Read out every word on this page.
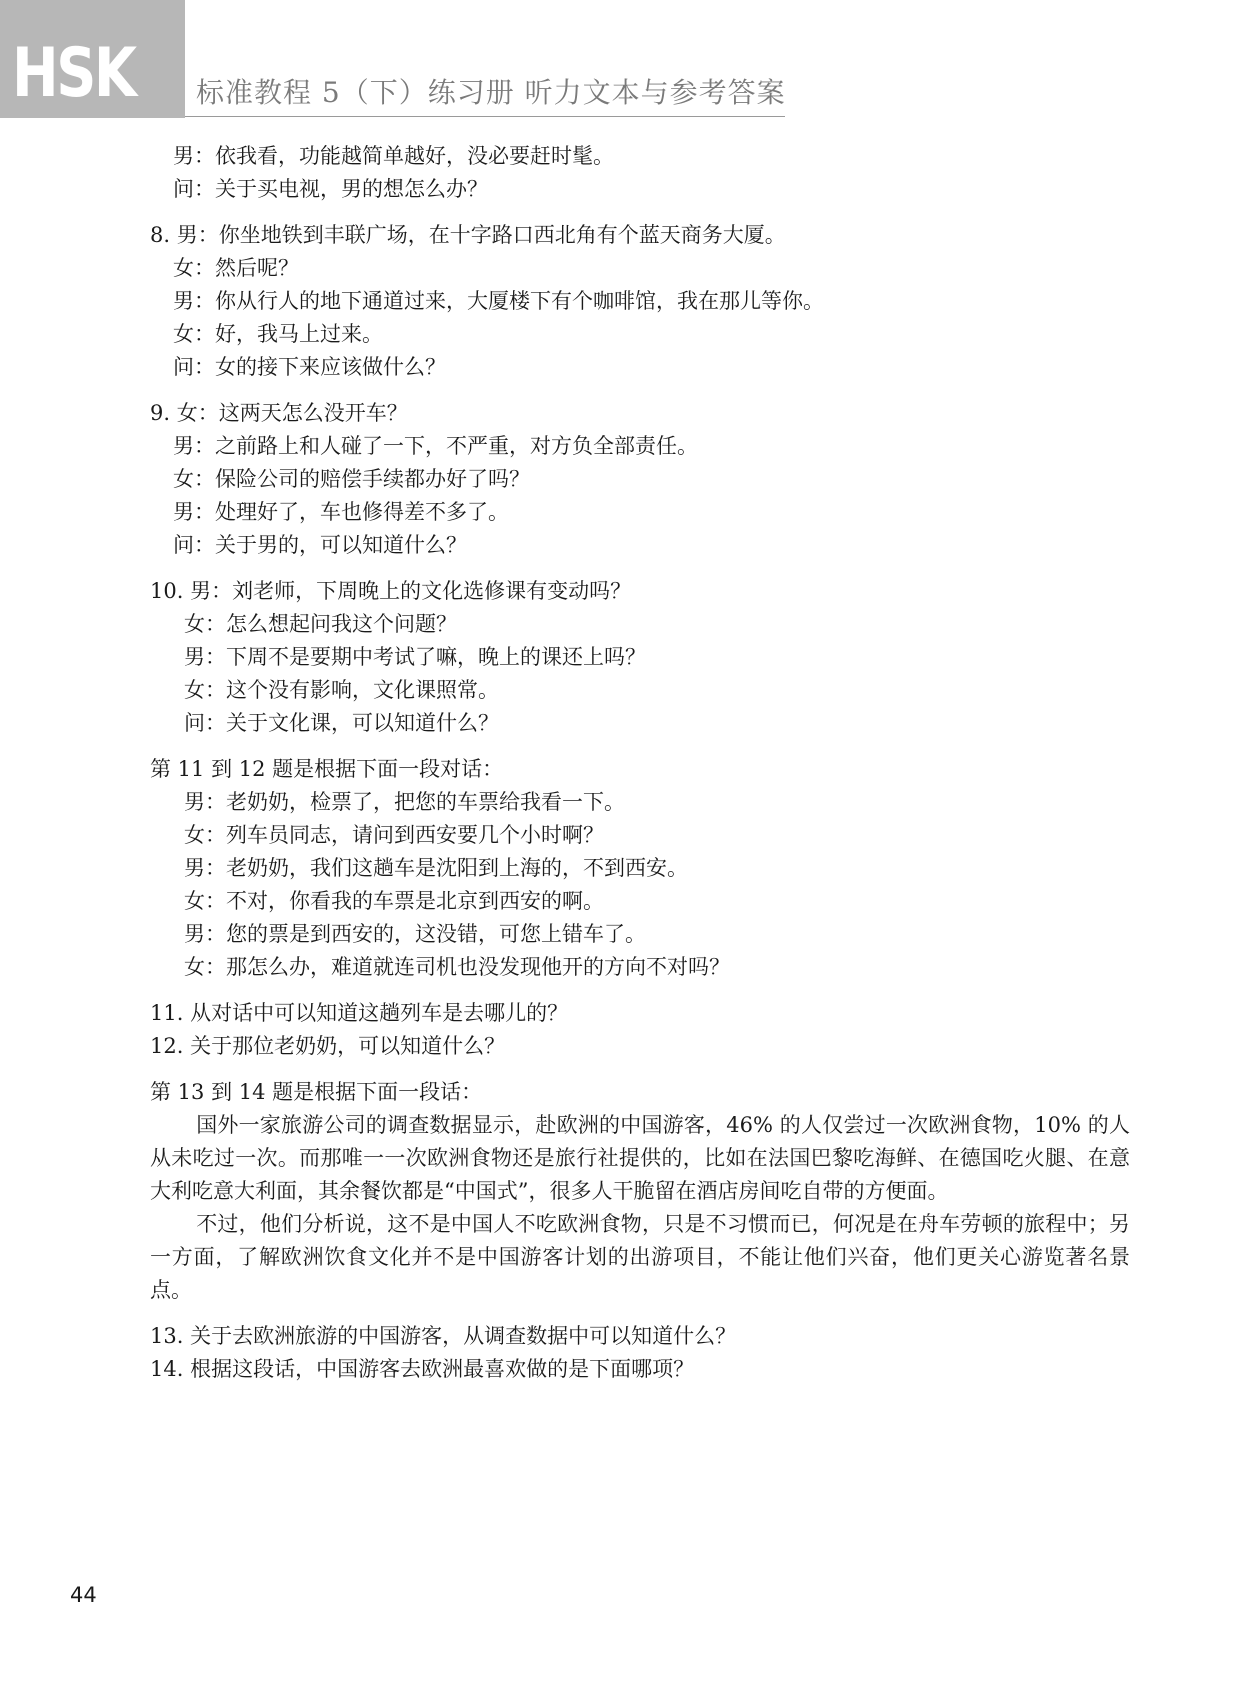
HSK 标准教程 5（下）练习册 听力文本与参考答案
男：依我看，功能越简单越好，没必要赶时髦。
问：关于买电视，男的想怎么办？
8. 男：你坐地铁到丰联广场，在十字路口西北角有个蓝天商务大厦。
女：然后呢？
男：你从行人的地下通道过来，大厦楼下有个咖啡馆，我在那儿等你。
女：好，我马上过来。
问：女的接下来应该做什么？
9. 女：这两天怎么没开车？
男：之前路上和人碰了一下，不严重，对方负全部责任。
女：保险公司的赔偿手续都办好了吗？
男：处理好了，车也修得差不多了。
问：关于男的，可以知道什么？
10. 男：刘老师，下周晚上的文化选修课有变动吗？
女：怎么想起问我这个问题？
男：下周不是要期中考试了嘛，晚上的课还上吗？
女：这个没有影响，文化课照常。
问：关于文化课，可以知道什么？
第 11 到 12 题是根据下面一段对话：
男：老奶奶，检票了，把您的车票给我看一下。
女：列车员同志，请问到西安要几个小时啊？
男：老奶奶，我们这趟车是沈阳到上海的，不到西安。
女：不对，你看我的车票是北京到西安的啊。
男：您的票是到西安的，这没错，可您上错车了。
女：那怎么办，难道就连司机也没发现他开的方向不对吗？
11. 从对话中可以知道这趟列车是去哪儿的？
12. 关于那位老奶奶，可以知道什么？
第 13 到 14 题是根据下面一段话：
国外一家旅游公司的调查数据显示，赴欧洲的中国游客，46% 的人仅尝过一次欧洲食物，10% 的人从未吃过一次。而那唯一一次欧洲食物还是旅行社提供的，比如在法国巴黎吃海鲜、在德国吃火腿、在意大利吃意大利面，其余餐饮都是“中国式”，很多人干脆留在酒店房间吃自带的方便面。
不过，他们分析说，这不是中国人不吃欧洲食物，只是不习惯而已，何况是在舟车劳顿的旅程中；另一方面，了解欧洲饮食文化并不是中国游客计划的出游项目，不能让他们兴奋，他们更关心游览著名景点。
13. 关于去欧洲旅游的中国游客，从调查数据中可以知道什么？
14. 根据这段话，中国游客去欧洲最喜欢做的是下面哪项？
44
